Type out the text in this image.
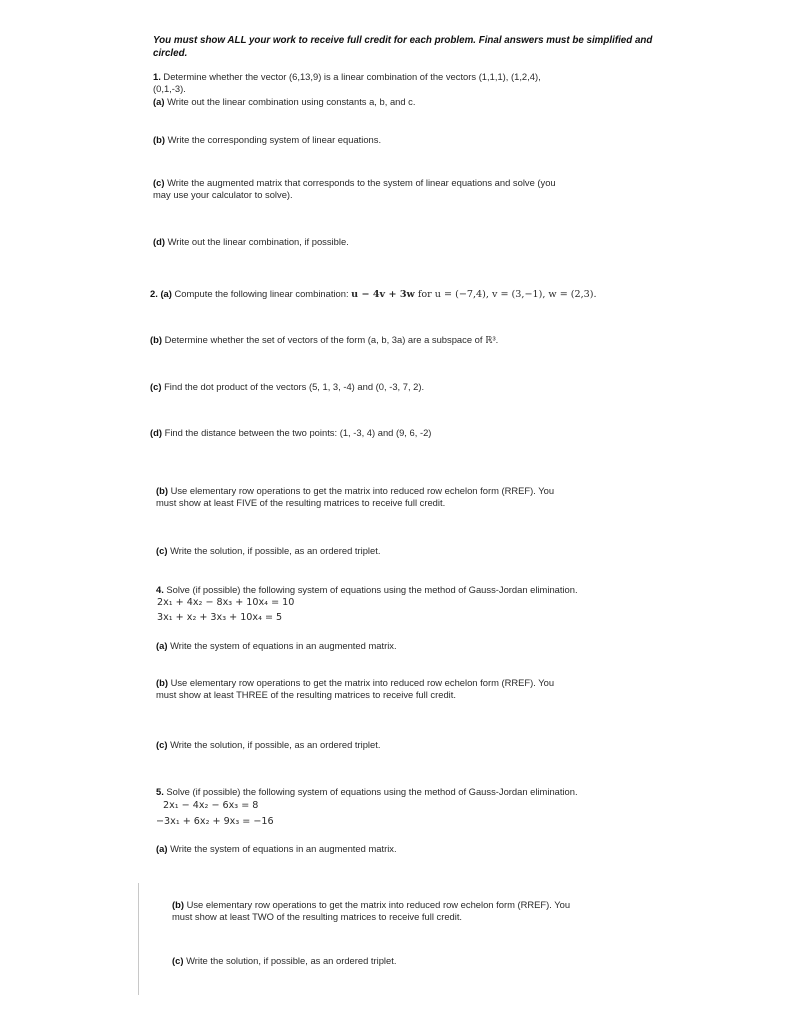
You must show ALL your work to receive full credit for each problem. Final answers must be simplified and circled.
1. Determine whether the vector (6,13,9) is a linear combination of the vectors (1,1,1), (1,2,4),
(0,1,-3).
(a) Write out the linear combination using constants a, b, and c.
(b) Write the corresponding system of linear equations.
(c) Write the augmented matrix that corresponds to the system of linear equations and solve (you
may use your calculator to solve).
(d) Write out the linear combination, if possible.
2. (a) Compute the following linear combination: u − 4v + 3w for u = (−7,4), v = (3,−1), w = (2,3).
(b) Determine whether the set of vectors of the form (a, b, 3a) are a subspace of ℝ³.
(c) Find the dot product of the vectors (5, 1, 3, -4) and (0, -3, 7, 2).
(d) Find the distance between the two points: (1, -3, 4) and (9, 6, -2)
(b) Use elementary row operations to get the matrix into reduced row echelon form (RREF). You
must show at least FIVE of the resulting matrices to receive full credit.
(c) Write the solution, if possible, as an ordered triplet.
4. Solve (if possible) the following system of equations using the method of Gauss-Jordan elimination.
2x₁ + 4x₂ − 8x₃ + 10x₄ = 10
3x₁ + x₂ + 3x₃ + 10x₄ = 5
(a) Write the system of equations in an augmented matrix.
(b) Use elementary row operations to get the matrix into reduced row echelon form (RREF). You
must show at least THREE of the resulting matrices to receive full credit.
(c) Write the solution, if possible, as an ordered triplet.
5. Solve (if possible) the following system of equations using the method of Gauss-Jordan elimination.
2x₁ − 4x₂ − 6x₃ = 8
−3x₁ + 6x₂ + 9x₃ = −16
(a) Write the system of equations in an augmented matrix.
(b) Use elementary row operations to get the matrix into reduced row echelon form (RREF). You
must show at least TWO of the resulting matrices to receive full credit.
(c) Write the solution, if possible, as an ordered triplet.
